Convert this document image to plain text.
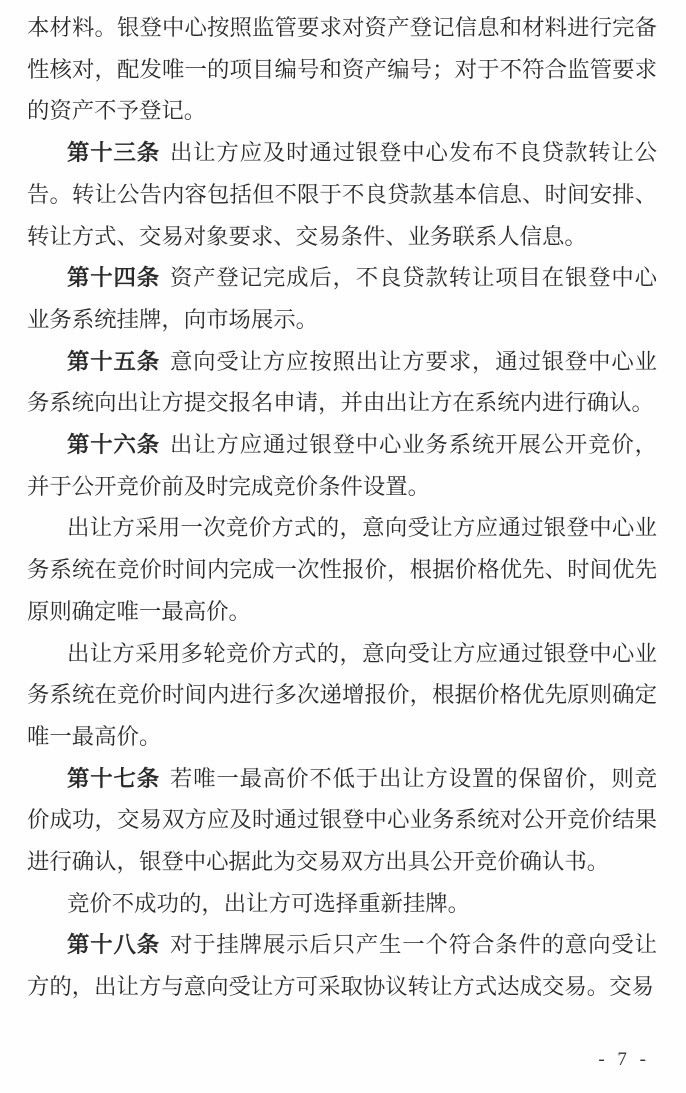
本材料。银登中心按照监管要求对资产登记信息和材料进行完备性核对，配发唯一的项目编号和资产编号；对于不符合监管要求的资产不予登记。

第十三条 出让方应及时通过银登中心发布不良贷款转让公告。转让公告内容包括但不限于不良贷款基本信息、时间安排、转让方式、交易对象要求、交易条件、业务联系人信息。

第十四条 资产登记完成后，不良贷款转让项目在银登中心业务系统挂牌，向市场展示。

第十五条 意向受让方应按照出让方要求，通过银登中心业务系统向出让方提交报名申请，并由出让方在系统内进行确认。

第十六条 出让方应通过银登中心业务系统开展公开竞价，并于公开竞价前及时完成竞价条件设置。

出让方采用一次竞价方式的，意向受让方应通过银登中心业务系统在竞价时间内完成一次性报价，根据价格优先、时间优先原则确定唯一最高价。

出让方采用多轮竞价方式的，意向受让方应通过银登中心业务系统在竞价时间内进行多次递增报价，根据价格优先原则确定唯一最高价。

第十七条 若唯一最高价不低于出让方设置的保留价，则竞价成功，交易双方应及时通过银登中心业务系统对公开竞价结果进行确认，银登中心据此为交易双方出具公开竞价确认书。

竞价不成功的，出让方可选择重新挂牌。

第十八条 对于挂牌展示后只产生一个符合条件的意向受让方的，出让方与意向受让方可采取协议转让方式达成交易。交易

- 7 -
